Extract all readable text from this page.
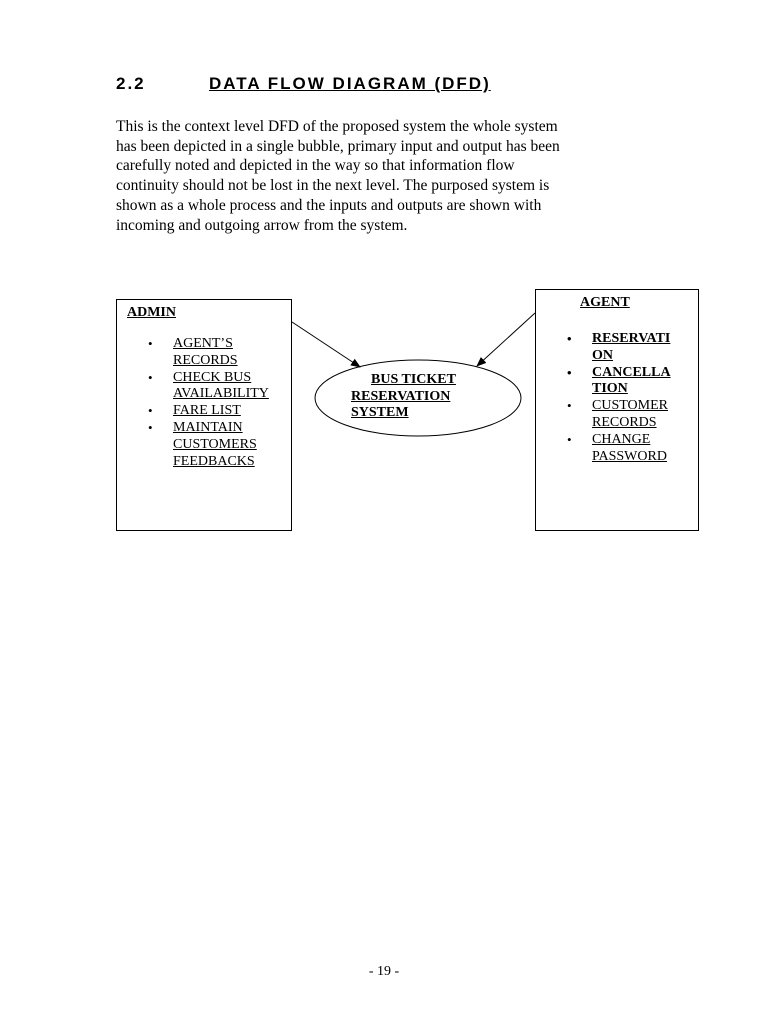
2.2	DATA FLOW DIAGRAM (DFD)

This is the context level DFD of the proposed system the whole system
has been depicted in a single bubble, primary input and output has been
carefully noted and depicted in the way so that information flow
continuity should not be lost in the next level. The purposed system is
shown as a whole process and the inputs and outputs are shown with
incoming and outgoing arrow from the system.

BUS TICKET
RESERVATION
SYSTEM
ADMIN
• AGENT’S
RECORDS
• CHECK BUS
AVAILABILITY
• FARE LIST
• MAINTAIN
CUSTOMERS
FEEDBACKS
AGENT
• RESERVATI
ON
• CANCELLA
TION
• CUSTOMER
RECORDS
• CHANGE
PASSWORD
- 19 -
